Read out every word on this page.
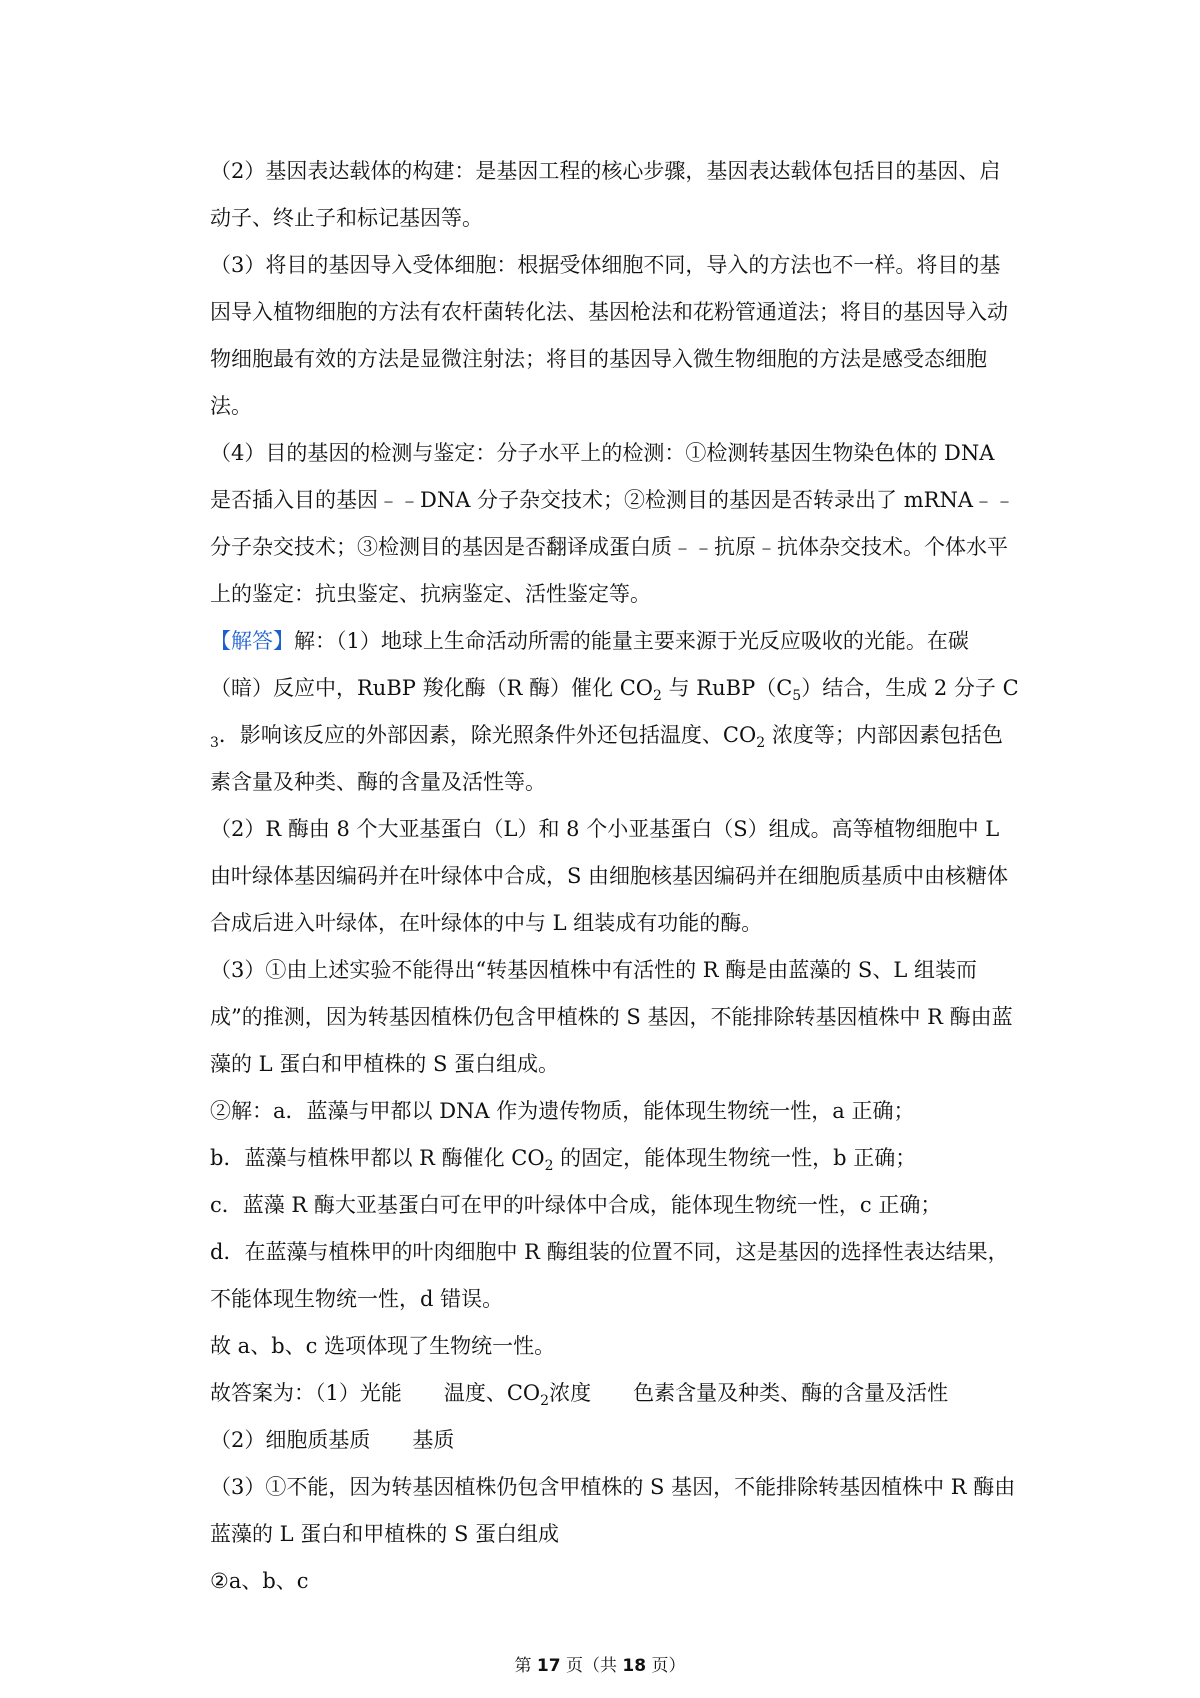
（2）基因表达载体的构建：是基因工程的核心步骤，基因表达载体包括目的基因、启动子、终止子和标记基因等。

（3）将目的基因导入受体细胞：根据受体细胞不同，导入的方法也不一样。将目的基因导入植物细胞的方法有农杆菌转化法、基因枪法和花粉管通道法；将目的基因导入动物细胞最有效的方法是显微注射法；将目的基因导入微生物细胞的方法是感受态细胞法。

（4）目的基因的检测与鉴定：分子水平上的检测：①检测转基因生物染色体的 DNA 是否插入目的基因﹣﹣DNA 分子杂交技术；②检测目的基因是否转录出了 mRNA﹣﹣分子杂交技术；③检测目的基因是否翻译成蛋白质﹣﹣抗原﹣抗体杂交技术。个体水平上的鉴定：抗虫鉴定、抗病鉴定、活性鉴定等。

【解答】解：（1）地球上生命活动所需的能量主要来源于光反应吸收的光能。在碳（暗）反应中，RuBP 羧化酶（R 酶）催化 $CO_2$ 与 $RuBP(C_5)$结合，生成 2 分子 $C_3$．影响该反应的外部因素，除光照条件外还包括温度、$CO_2$ 浓度等；内部因素包括色素含量及种类、酶的含量及活性等。

（2）R 酶由 8 个大亚基蛋白（L）和 8 个小亚基蛋白（S）组成。高等植物细胞中 L 由叶绿体基因编码并在叶绿体中合成，S 由细胞核基因编码并在细胞质基质中由核糖体合成后进入叶绿体，在叶绿体的中与 L 组装成有功能的酶。

（3）①由上述实验不能得出“转基因植株中有活性的 R 酶是由蓝藻的 S、L 组装而成”的推测，因为转基因植株仍包含甲植株的 S 基因，不能排除转基因植株中 R 酶由蓝藻的 L 蛋白和甲植株的 S 蛋白组成。

②解：a．蓝藻与甲都以 DNA 作为遗传物质，能体现生物统一性，a 正确；

b．蓝藻与植株甲都以 R 酶催化 $CO_2$ 的固定，能体现生物统一性，b 正确；

c．蓝藻 R 酶大亚基蛋白可在甲的叶绿体中合成，能体现生物统一性，c 正确；

d．在蓝藻与植株甲的叶肉细胞中 R 酶组装的位置不同，这是基因的选择性表达结果，不能体现生物统一性，d 错误。

故 a、b、c 选项体现了生物统一性。

故答案为：（1）光能　　温度、$CO_2$浓度　　色素含量及种类、酶的含量及活性

（2）细胞质基质　　基质

（3）①不能，因为转基因植株仍包含甲植株的 S 基因，不能排除转基因植株中 R 酶由蓝藻的 L 蛋白和甲植株的 S 蛋白组成

②a、b、c

第 17 页（共 18 页）
